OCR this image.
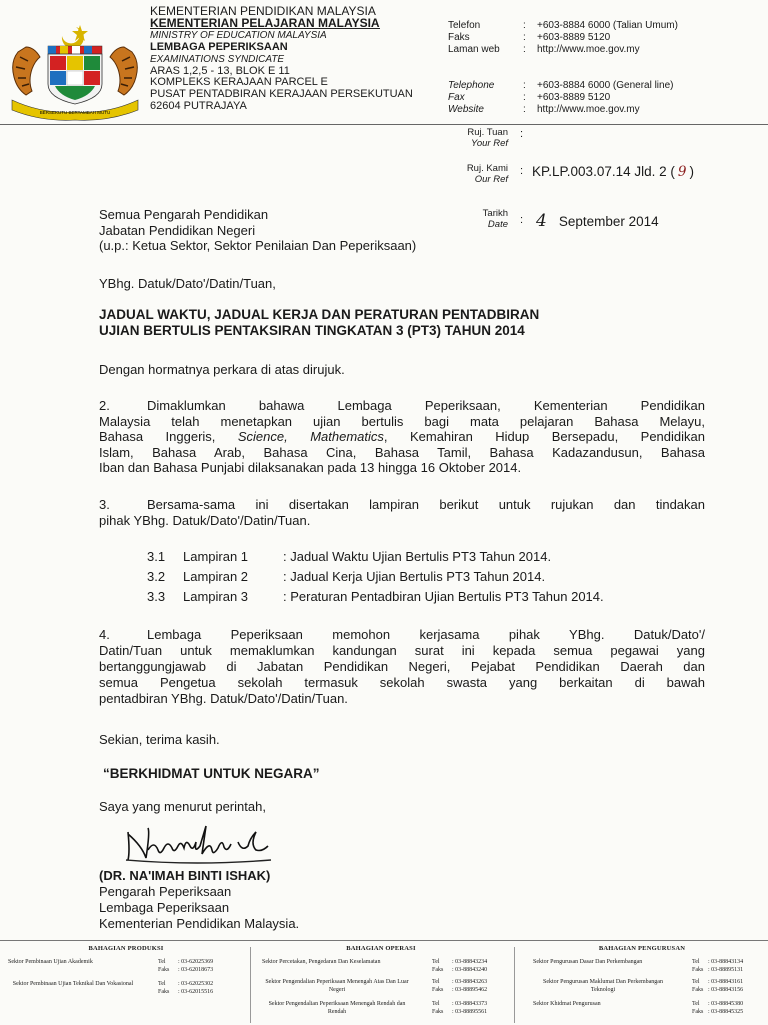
BERSEKUTU BERTAMBAH MUTU
KEMENTERIAN PENDIDIKAN MALAYSIA
KEMENTERIAN PELAJARAN MALAYSIA
MINISTRY OF EDUCATION MALAYSIA
LEMBAGA PEPERIKSAAN
EXAMINATIONS SYNDICATE
ARAS 1,2,5 - 13, BLOK E 11
KOMPLEKS KERAJAAN PARCEL E
PUSAT PENTADBIRAN KERAJAAN PERSEKUTUAN
62604 PUTRAJAYA
Telefon	: +603-8884 6000 (Talian Umum)
Faks	: +603-8889 5120
Laman web : http://www.moe.gov.my
Telephone	: +603-8884 6000 (General line)
Fax	: +603-8889 5120
Website	: http://www.moe.gov.my
Ruj. Tuan
Your Ref
:
Ruj. Kami
Our Ref
: KP.LP.003.07.14 Jld. 2 ( 9 )
Tarikh
Date : 4 September 2014
Semua Pengarah Pendidikan
Jabatan Pendidikan Negeri
(u.p.: Ketua Sektor, Sektor Penilaian Dan Peperiksaan)
YBhg. Datuk/Dato'/Datin/Tuan,
JADUAL WAKTU, JADUAL KERJA DAN PERATURAN PENTADBIRAN
UJIAN BERTULIS PENTAKSIRAN TINGKATAN 3 (PT3) TAHUN 2014
Dengan hormatnya perkara di atas dirujuk.
2.	Dimaklumkan bahawa Lembaga Peperiksaan, Kementerian Pendidikan
Malaysia telah menetapkan ujian bertulis bagi mata pelajaran Bahasa Melayu,
Bahasa Inggeris, Science, Mathematics, Kemahiran Hidup Bersepadu, Pendidikan
Islam, Bahasa Arab, Bahasa Cina, Bahasa Tamil, Bahasa Kadazandusun, Bahasa
Iban dan Bahasa Punjabi dilaksanakan pada 13 hingga 16 Oktober 2014.
3.	Bersama-sama ini disertakan lampiran berikut untuk rujukan dan tindakan
pihak YBhg. Datuk/Dato'/Datin/Tuan.
3.1 Lampiran 1	: Jadual Waktu Ujian Bertulis PT3 Tahun 2014.
3.2 Lampiran 2	: Jadual Kerja Ujian Bertulis PT3 Tahun 2014.
3.3 Lampiran 3	: Peraturan Pentadbiran Ujian Bertulis PT3 Tahun 2014.
4.	Lembaga Peperiksaan memohon kerjasama pihak YBhg. Datuk/Dato'/
Datin/Tuan untuk memaklumkan kandungan surat ini kepada semua pegawai yang
bertanggungjawab di Jabatan Pendidikan Negeri, Pejabat Pendidikan Daerah dan
semua Pengetua sekolah termasuk sekolah swasta yang berkaitan di bawah
pentadbiran YBhg. Datuk/Dato'/Datin/Tuan.
Sekian, terima kasih.
“BERKHIDMAT UNTUK NEGARA”
Saya yang menurut perintah,
(DR. NA'IMAH BINTI ISHAK)
Pengarah Peperiksaan
Lembaga Peperiksaan
Kementerian Pendidikan Malaysia.
BAHAGIAN PRODUKSI
Sektor Pembinaan Ujian Akademik	Tel : 03-62025369
Faks : 03-62018673
Sektor Pembinaan Ujian Teknikal Dan Vokasional	Tel : 03-62025302
Faks : 03-62015516
BAHAGIAN OPERASI
Sektor Percetakan, Pengedaran Dan Keselamatan	Tel : 03-88843234
Faks : 03-88843240
Sektor Pengendalian Peperiksaan Menengah Atas Dan Luar Negeri
Tel : 03-88843263
Faks : 03-88895462
Sektor Pengendalian Peperiksaan Menengah Rendah dan Rendah
Tel : 03-88843373
Faks : 03-88895561
BAHAGIAN PENGURUSAN
Sektor Pengurusan Dasar Dan Perkembangan	Tel : 03-88843134
Faks : 03-88895131
Sektor Pengurusan Maklumat Dan Perkembangan Teknologi
Tel : 03-88843161
Faks : 03-88843156
Sektor Khidmat Pengurusan	Tel : 03-88845380
Faks : 03-88845325
